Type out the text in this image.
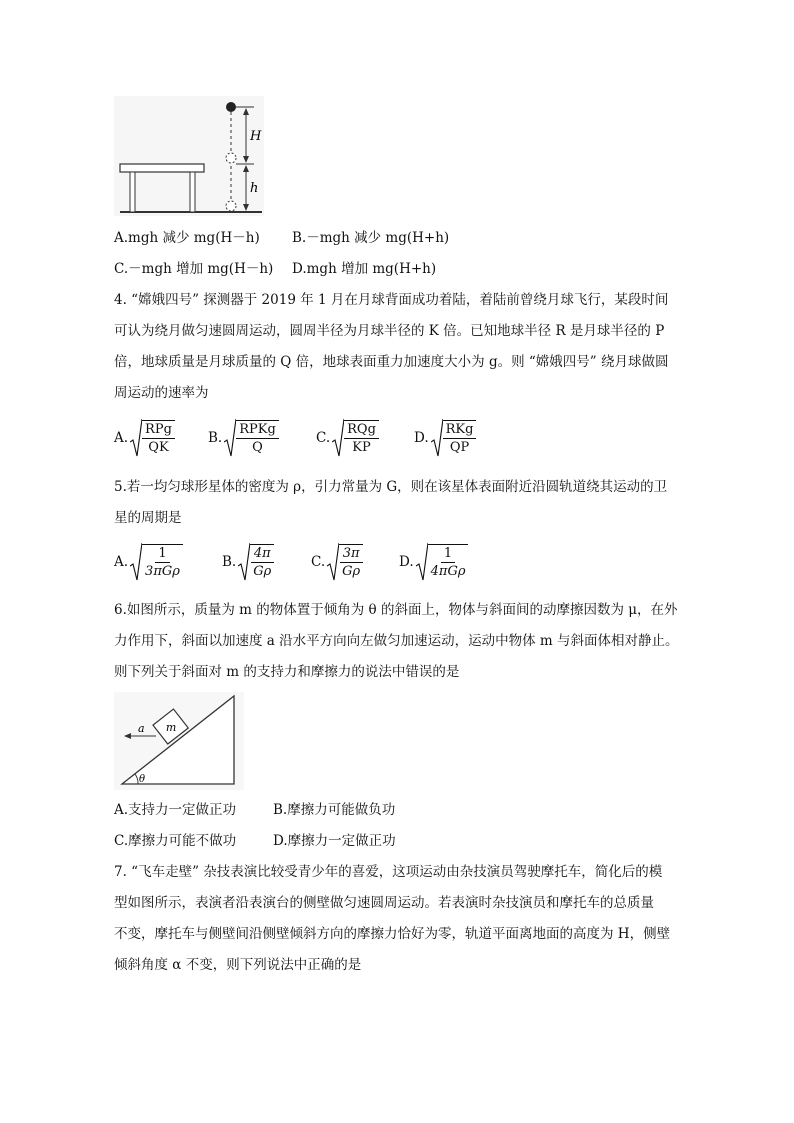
H
h
A.mgh 减少 mg(H－h) B.－mgh 减少 mg(H+h)
C.－mgh 增加 mg(H－h) D.mgh 增加 mg(H+h)
4. “嫦娥四号” 探测器于 2019 年 1 月在月球背面成功着陆，着陆前曾绕月球飞行，某段时间
可认为绕月做匀速圆周运动，圆周半径为月球半径的 K 倍。已知地球半径 R 是月球半径的 P
倍，地球质量是月球质量的 Q 倍，地球表面重力加速度大小为 g。则 “嫦娥四号” 绕月球做圆
周运动的速率为
A. $\frac{\text{RPg}}{QK} B$. $\frac{\text{RPKg}}{Q}$	C. $\frac{\text{RQg}}{KP}$	D. $\frac{\text{RKg}}{QP}$
5.若一均匀球形星体的密度为 ρ，引力常量为 G，则在该星体表面附近沿圆轨道绕其运动的卫
星的周期是
A. $\frac{1}{\text{3πGρ}}$	B. $\frac{4\pi}{G\rho}$	C. $\frac{3\pi}{G\rho}$	D. $\frac{1}{\text{4πGρ}}$
6.如图所示，质量为 m 的物体置于倾角为 θ 的斜面上，物体与斜面间的动摩擦因数为 μ，在外
力作用下，斜面以加速度 a 沿水平方向向左做匀加速运动，运动中物体 m 与斜面体相对静止。
则下列关于斜面对 m 的支持力和摩擦力的说法中错误的是
m
a
θ
A.支持力一定做正功	B.摩擦力可能做负功
C.摩擦力可能不做功	D.摩擦力一定做正功
7. “飞车走壁” 杂技表演比较受青少年的喜爱，这项运动由杂技演员驾驶摩托车，简化后的模
型如图所示，表演者沿表演台的侧壁做匀速圆周运动。若表演时杂技演员和摩托车的总质量
不变，摩托车与侧壁间沿侧壁倾斜方向的摩擦力恰好为零，轨道平面离地面的高度为 H，侧壁
倾斜角度 α 不变，则下列说法中正确的是
